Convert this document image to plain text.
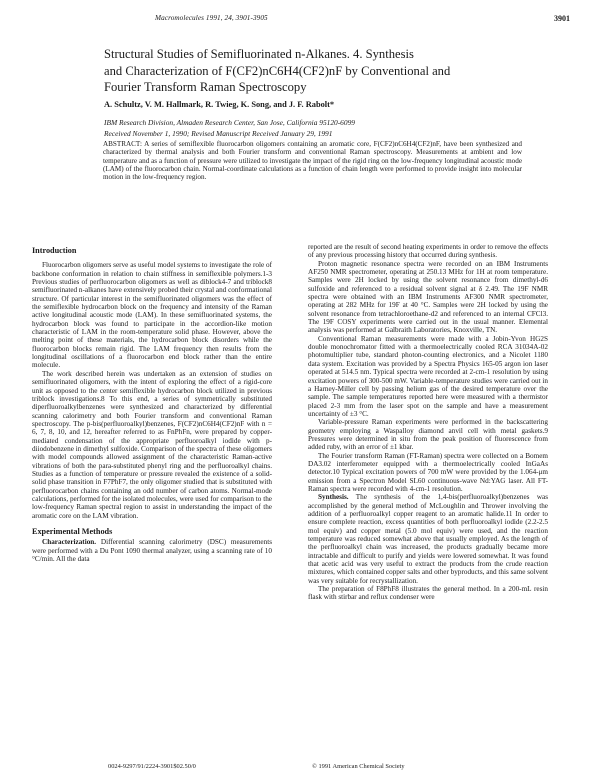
Macromolecules 1991, 24, 3901-3905	3901
Structural Studies of Semifluorinated n-Alkanes. 4. Synthesis
and Characterization of F(CF2)nC6H4(CF2)nF by Conventional and
Fourier Transform Raman Spectroscopy
A. Schultz, V. M. Hallmark, R. Twieg, K. Song, and J. F. Rabolt*
IBM Research Division, Almaden Research Center, San Jose, California 95120-6099
Received November 1, 1990; Revised Manuscript Received January 29, 1991
ABSTRACT: A series of semiflexible fluorocarbon oligomers containing an aromatic core, F(CF2)nC6H4(CF2)nF, have been synthesized and characterized by thermal analysis and both Fourier transform and conventional Raman spectroscopy. Measurements at ambient and low temperature and as a function of pressure were utilized to investigate the impact of the rigid ring on the low-frequency longitudinal acoustic mode (LAM) of the fluorocarbon chain. Normal-coordinate calculations as a function of chain length were performed to provide insight into molecular motion in the low-frequency region.
Introduction

Fluorocarbon oligomers serve as useful model systems to investigate the role of backbone conformation in relation to chain stiffness in semiflexible polymers.1-3 Previous studies of perfluorocarbon oligomers as well as diblock4-7 and triblock8 semifluorinated n-alkanes have extensively probed their crystal and conformational structure. Of particular interest in the semifluorinated oligomers was the effect of the semiflexible hydrocarbon block on the frequency and intensity of the Raman active longitudinal acoustic mode (LAM). In these semifluorinated systems, the hydrocarbon block was found to participate in the accordion-like motion characteristic of LAM in the room-temperature solid phase. However, above the melting point of these materials, the hydrocarbon block disorders while the fluorocarbon blocks remain rigid. The LAM frequency then results from the longitudinal oscillations of a fluorocarbon end block rather than the entire molecule.

The work described herein was undertaken as an extension of studies on semifluorinated oligomers, with the intent of exploring the effect of a rigid-core unit as opposed to the center semiflexible hydrocarbon block utilized in previous triblock investigations.8 To this end, a series of symmetrically substituted diperfluoroalkylbenzenes were synthesized and characterized by differential scanning calorimetry and both Fourier transform and conventional Raman spectroscopy. The p-bis(perfluoroalkyl)benzenes, F(CF2)nC6H4(CF2)nF with n = 6, 7, 8, 10, and 12, hereafter referred to as FnPhFn, were prepared by copper-mediated condensation of the appropriate perfluoroalkyl iodide with p-diiodobenzene in dimethyl sulfoxide. Comparison of the spectra of these oligomers with model compounds allowed assignment of the characteristic Raman-active vibrations of both the para-substituted phenyl ring and the perfluoroalkyl chains. Studies as a function of temperature or pressure revealed the existence of a solid-solid phase transition in F7PhF7, the only oligomer studied that is substituted with perfluorocarbon chains containing an odd number of carbon atoms. Normal-mode calculations, performed for the isolated molecules, were used for comparison to the low-frequency Raman spectral region to assist in understanding the impact of the aromatic core on the LAM vibration.

Experimental Methods

Characterization. Differential scanning calorimetry (DSC) measurements were performed with a Du Pont 1090 thermal analyzer, using a scanning rate of 10 °C/min. All the data

reported are the result of second heating experiments in order to remove the effects of any previous processing history that occurred during synthesis.

Proton magnetic resonance spectra were recorded on an IBM Instruments AF250 NMR spectrometer, operating at 250.13 MHz for 1H at room temperature. Samples were 2H locked by using the solvent resonance from dimethyl-d6 sulfoxide and referenced to a residual solvent signal at δ 2.49. The 19F NMR spectra were obtained with an IBM Instruments AF300 NMR spectrometer, operating at 282 MHz for 19F at 40 °C. Samples were 2H locked by using the solvent resonance from tetrachloroethane-d2 and referenced to an internal CFCl3. The 19F COSY experiments were carried out in the usual manner. Elemental analysis was performed at Galbraith Laboratories, Knoxville, TN.

Conventional Raman measurements were made with a Jobin-Yvon HG2S double monochromator fitted with a thermoelectrically cooled RCA 31034A-02 photomultiplier tube, standard photon-counting electronics, and a Nicolet 1180 data system. Excitation was provided by a Spectra Physics 165-05 argon ion laser operated at 514.5 nm. Typical spectra were recorded at 2-cm-1 resolution by using excitation powers of 300-500 mW. Variable-temperature studies were carried out in a Harney-Miller cell by passing helium gas of the desired temperature over the sample. The sample temperatures reported here were measured with a thermistor placed 2-3 mm from the laser spot on the sample and have a measurement uncertainty of ±3 °C.

Variable-pressure Raman experiments were performed in the backscattering geometry employing a Waspalloy diamond anvil cell with metal gaskets.9 Pressures were determined in situ from the peak position of fluorescence from added ruby, with an error of ±1 kbar.

The Fourier transform Raman (FT-Raman) spectra were collected on a Bomem DA3.02 interferometer equipped with a thermoelectrically cooled InGaAs detector.10 Typical excitation powers of 700 mW were provided by the 1.064-μm emission from a Spectron Model SL60 continuous-wave Nd:YAG laser. All FT-Raman spectra were recorded with 4-cm-1 resolution.

Synthesis. The synthesis of the 1,4-bis(perfluoroalkyl)benzenes was accomplished by the general method of McLoughlin and Thrower involving the addition of a perfluoroalkyl copper reagent to an aromatic halide.11 In order to ensure complete reaction, excess quantities of both perfluoroalkyl iodide (2.2-2.5 mol equiv) and copper metal (5.0 mol equiv) were used, and the reaction temperature was reduced somewhat above that usually employed. As the length of the perfluoroalkyl chain was increased, the products gradually became more intractable and difficult to purify and yields were lowered somewhat. It was found that acetic acid was very useful to extract the products from the crude reaction mixtures, which contained copper salts and other byproducts, and this same solvent was very suitable for recrystallization.

The preparation of F8PhF8 illustrates the general method. In a 200-mL resin flask with stirbar and reflux condenser were

0024-9297/91/2224-3901$02.50/0	© 1991 American Chemical Society
